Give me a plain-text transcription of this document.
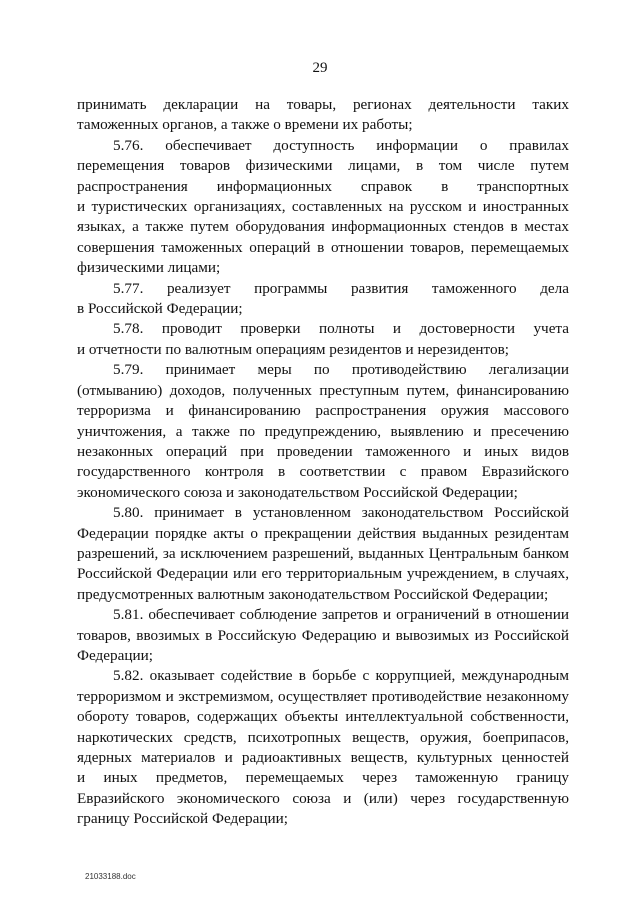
29
принимать декларации на товары, регионах деятельности таких
таможенных органов, а также о времени их работы;
5.76. обеспечивает доступность информации о правилах
перемещения товаров физическими лицами, в том числе путем
распространения информационных справок в транспортных
и туристических организациях, составленных на русском и иностранных
языках, а также путем оборудования информационных стендов в местах
совершения таможенных операций в отношении товаров, перемещаемых
физическими лицами;
5.77. реализует программы развития таможенного дела
в Российской Федерации;
5.78. проводит проверки полноты и достоверности учета
и отчетности по валютным операциям резидентов и нерезидентов;
5.79. принимает меры по противодействию легализации
(отмыванию) доходов, полученных преступным путем, финансированию
терроризма и финансированию распространения оружия массового
уничтожения, а также по предупреждению, выявлению и пресечению
незаконных операций при проведении таможенного и иных видов
государственного контроля в соответствии с правом Евразийского
экономического союза и законодательством Российской Федерации;
5.80. принимает в установленном законодательством Российской
Федерации порядке акты о прекращении действия выданных резидентам
разрешений, за исключением разрешений, выданных Центральным банком
Российской Федерации или его территориальным учреждением, в случаях,
предусмотренных валютным законодательством Российской Федерации;
5.81. обеспечивает соблюдение запретов и ограничений в отношении
товаров, ввозимых в Российскую Федерацию и вывозимых из Российской
Федерации;
5.82. оказывает содействие в борьбе с коррупцией, международным
терроризмом и экстремизмом, осуществляет противодействие незаконному
обороту товаров, содержащих объекты интеллектуальной собственности,
наркотических средств, психотропных веществ, оружия, боеприпасов,
ядерных материалов и радиоактивных веществ, культурных ценностей
и иных предметов, перемещаемых через таможенную границу
Евразийского экономического союза и (или) через государственную
границу Российской Федерации;
21033188.doc
